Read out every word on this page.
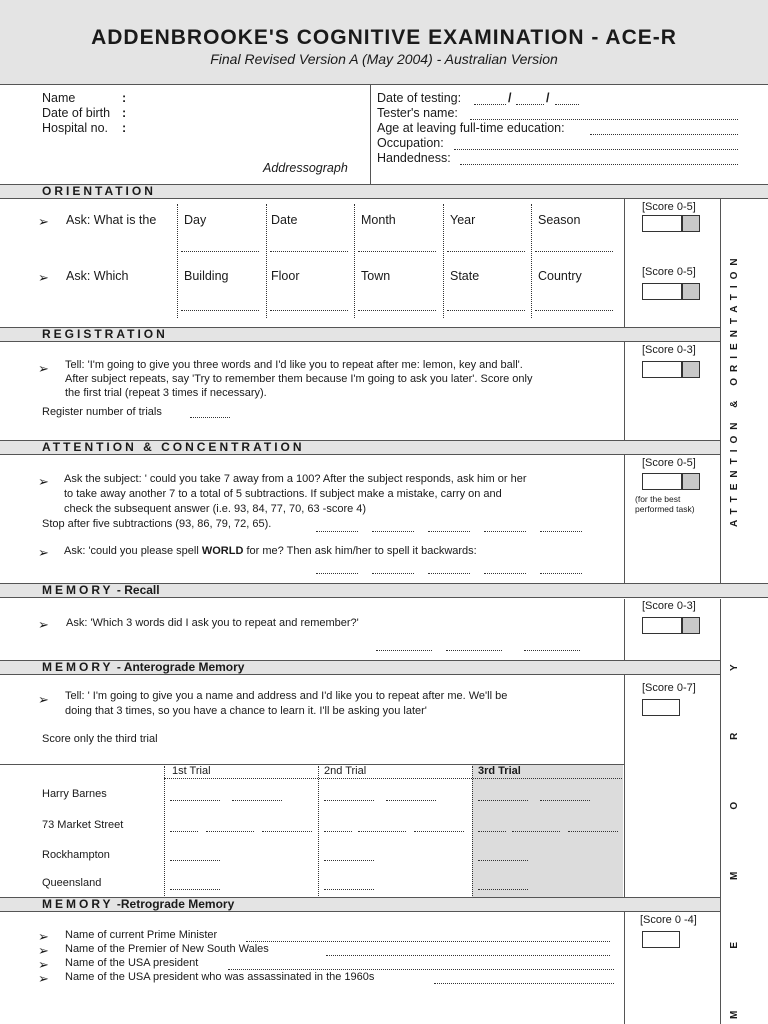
ADDENBROOKE'S COGNITIVE EXAMINATION - ACE-R
Final Revised Version A (May 2004) - Australian Version
Name
Date of birth
Hospital no.
:
:
:
Addressograph
Date of testing:	/	/
Tester's name:
Age at leaving full-time education:
Occupation:
Handedness:
ORIENTATION
➢ Ask: What is the
➢ Ask: Which
Day	Date	Month	Year	Season
Building	Floor	Town	State	Country
[Score 0-5]
[Score 0-5]
REGISTRATION
➢ Tell: 'I'm going to give you three words and I'd like you to repeat after me: lemon, key and ball'.
After subject repeats, say 'Try to remember them because I'm going to ask you later'. Score only
the first trial (repeat 3 times if necessary).
Register number of trials
[Score 0-3]
ATTENTION & CONCENTRATION
➢ Ask the subject: ' could you take 7 away from a 100? After the subject responds, ask him or her
to take away another 7 to a total of 5 subtractions. If subject make a mistake, carry on and
check the subsequent answer (i.e. 93, 84, 77, 70, 63 -score 4)
Stop after five subtractions (93, 86, 79, 72, 65).
➢ Ask: 'could you please spell WORLD for me? Then ask him/her to spell it backwards:
[Score 0-5]
(for the best
performed task)
MEMORY - Recall
➢ Ask: 'Which 3 words did I ask you to repeat and remember?'
[Score 0-3]
MEMORY - Anterograde Memory
➢ Tell: ' I'm going to give you a name and address and I'd like you to repeat after me. We'll be
doing that 3 times, so you have a chance to learn it. I'll be asking you later'
Score only the third trial
[Score 0-7]
1st Trial	2nd Trial	3rd Trial
Harry Barnes
73 Market Street
Rockhampton
Queensland
MEMORY -Retrograde Memory
➢ Name of current Prime Minister
➢ Name of the Premier of New South Wales
➢ Name of the USA president
➢ Name of the USA president who was assassinated in the 1960s
[Score 0 -4]
ATTENTION & ORIENTATION
MEMORY
